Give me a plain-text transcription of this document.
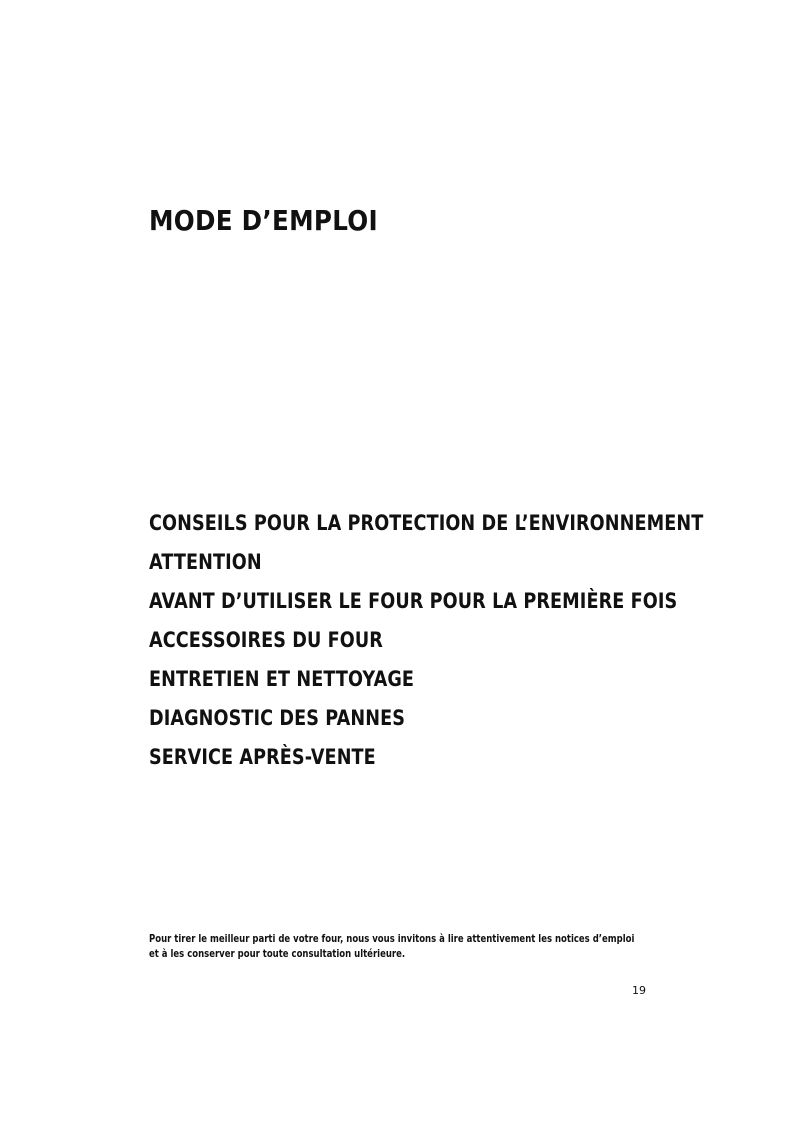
MODE D’EMPLOI
CONSEILS POUR LA PROTECTION DE L’ENVIRONNEMENT
ATTENTION
AVANT D’UTILISER LE FOUR POUR LA PREMIÈRE FOIS
ACCESSOIRES DU FOUR
ENTRETIEN ET NETTOYAGE
DIAGNOSTIC DES PANNES
SERVICE APRÈS-VENTE

Pour tirer le meilleur parti de votre four, nous vous invitons à lire attentivement les notices d’emploi
et à les conserver pour toute consultation ultérieure.

19
